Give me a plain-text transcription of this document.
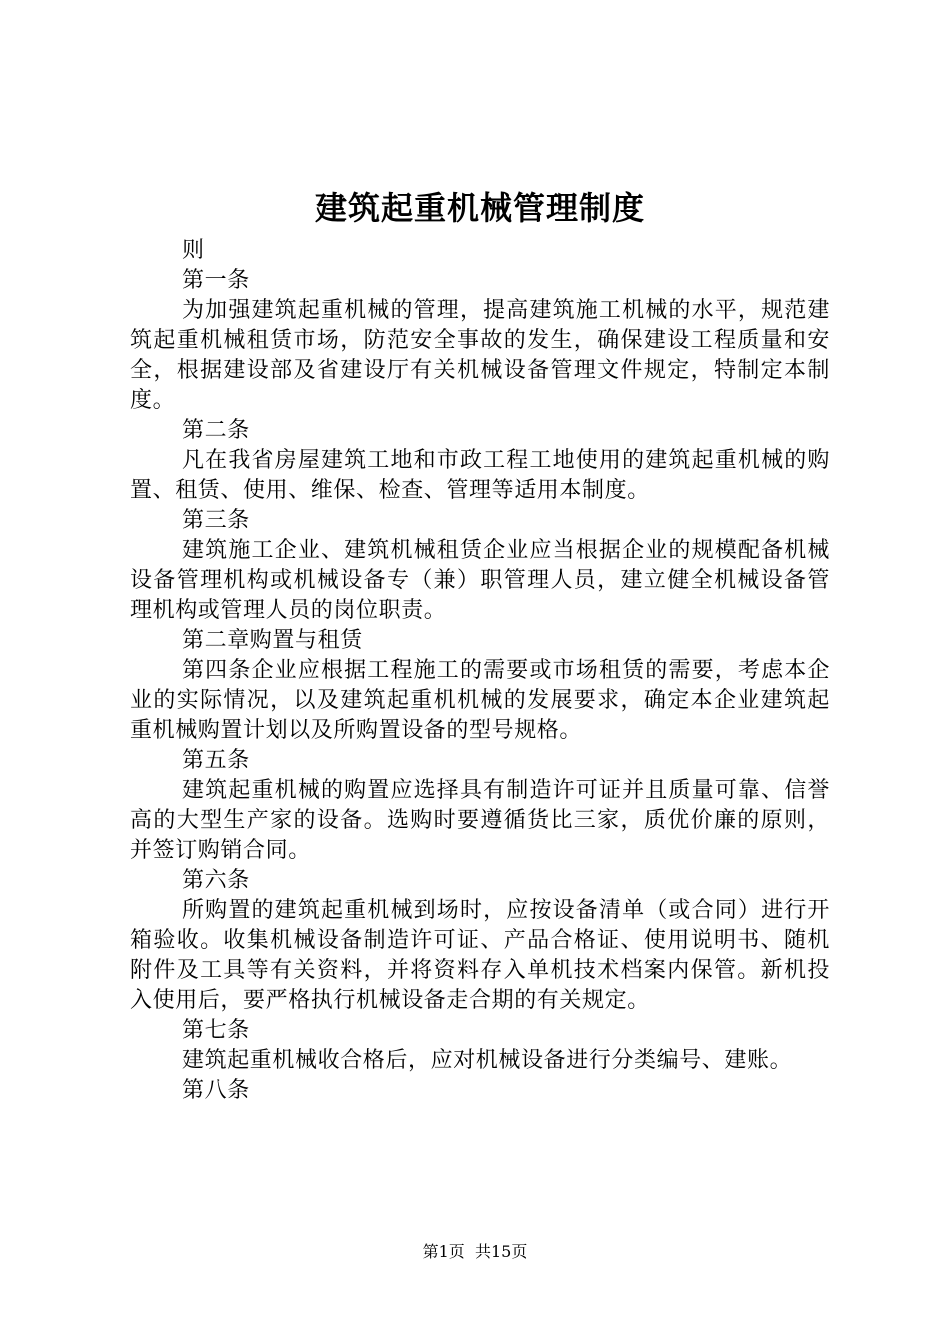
建筑起重机械管理制度

则

第一条

为加强建筑起重机械的管理，提高建筑施工机械的水平，规范建筑起重机械租赁市场，防范安全事故的发生，确保建设工程质量和安全，根据建设部及省建设厅有关机械设备管理文件规定，特制定本制度。

第二条

凡在我省房屋建筑工地和市政工程工地使用的建筑起重机械的购置、租赁、使用、维保、检查、管理等适用本制度。

第三条

建筑施工企业、建筑机械租赁企业应当根据企业的规模配备机械设备管理机构或机械设备专（兼）职管理人员，建立健全机械设备管理机构或管理人员的岗位职责。

第二章购置与租赁

第四条企业应根据工程施工的需要或市场租赁的需要，考虑本企业的实际情况，以及建筑起重机机械的发展要求，确定本企业建筑起重机械购置计划以及所购置设备的型号规格。

第五条

建筑起重机械的购置应选择具有制造许可证并且质量可靠、信誉高的大型生产家的设备。选购时要遵循货比三家，质优价廉的原则，并签订购销合同。

第六条

所购置的建筑起重机械到场时，应按设备清单（或合同）进行开箱验收。收集机械设备制造许可证、产品合格证、使用说明书、随机附件及工具等有关资料，并将资料存入单机技术档案内保管。新机投入使用后，要严格执行机械设备走合期的有关规定。

第七条

建筑起重机械收合格后，应对机械设备进行分类编号、建账。

第八条

第1页 共15页
